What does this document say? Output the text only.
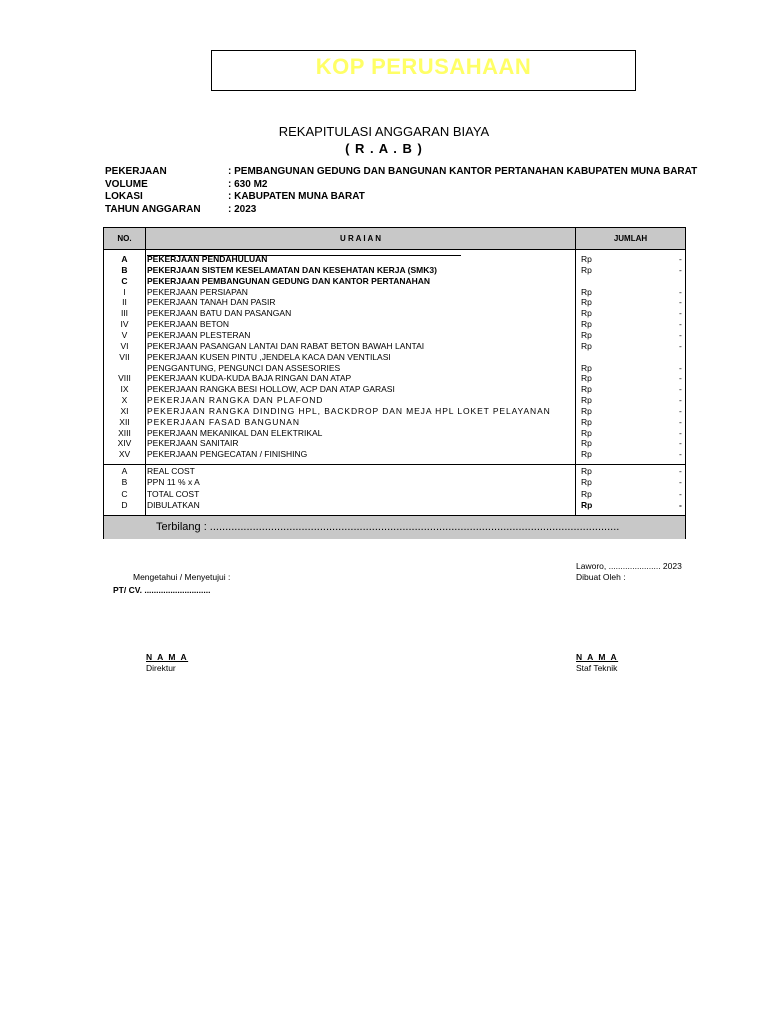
KOP PERUSAHAAN
REKAPITULASI ANGGARAN BIAYA
( R . A . B )
PEKERJAAN	: PEMBANGUNAN GEDUNG DAN BANGUNAN KANTOR PERTANAHAN KABUPATEN MUNA BARAT
VOLUME	: 630 M2
LOKASI	: KABUPATEN MUNA BARAT
TAHUN ANGGARAN	: 2023
NO.	U R A I A N	JUMLAH
A	PEKERJAAN PENDAHULUAN	Rp	-
B	PEKERJAAN SISTEM KESELAMATAN DAN KESEHATAN KERJA (SMK3)	Rp	-
C	PEKERJAAN PEMBANGUNAN GEDUNG DAN KANTOR PERTANAHAN
I	PEKERJAAN PERSIAPAN	Rp	-
II	PEKERJAAN TANAH DAN PASIR	Rp	-
III	PEKERJAAN BATU DAN PASANGAN	Rp	-
IV	PEKERJAAN BETON	Rp	-
V	PEKERJAAN PLESTERAN	Rp	-
VI	PEKERJAAN PASANGAN LANTAI DAN RABAT BETON BAWAH LANTAI	Rp	-
VII	PEKERJAAN KUSEN PINTU ,JENDELA KACA DAN VENTILASI
PENGGANTUNG, PENGUNCI DAN ASSESORIES	Rp	-
VIII	PEKERJAAN KUDA-KUDA BAJA RINGAN DAN ATAP	Rp	-
IX	PEKERJAAN RANGKA BESI HOLLOW, ACP DAN ATAP GARASI	Rp	-
X	PEKERJAAN RANGKA DAN PLAFOND	Rp	-
XI	PEKERJAAN RANGKA DINDING HPL, BACKDROP DAN MEJA HPL LOKET PELAYANAN	Rp	-
XII	PEKERJAAN FASAD BANGUNAN	Rp	-
XIII	PEKERJAAN MEKANIKAL DAN ELEKTRIKAL	Rp	-
XIV	PEKERJAAN SANITAIR	Rp	-
XV	PEKERJAAN PENGECATAN / FINISHING	Rp	-
A	REAL COST	Rp	-
B	PPN 11 % x A	Rp	-
C	TOTAL COST	Rp	-
D	DIBULATKAN	Rp	-
Terbilang : ......................................................................................................................................
Laworo, ...................... 2023
Dibuat Oleh :
Mengetahui / Menyetujui :
PT/ CV. ............................
N A M A
Direktur
N A M A
Staf Teknik
